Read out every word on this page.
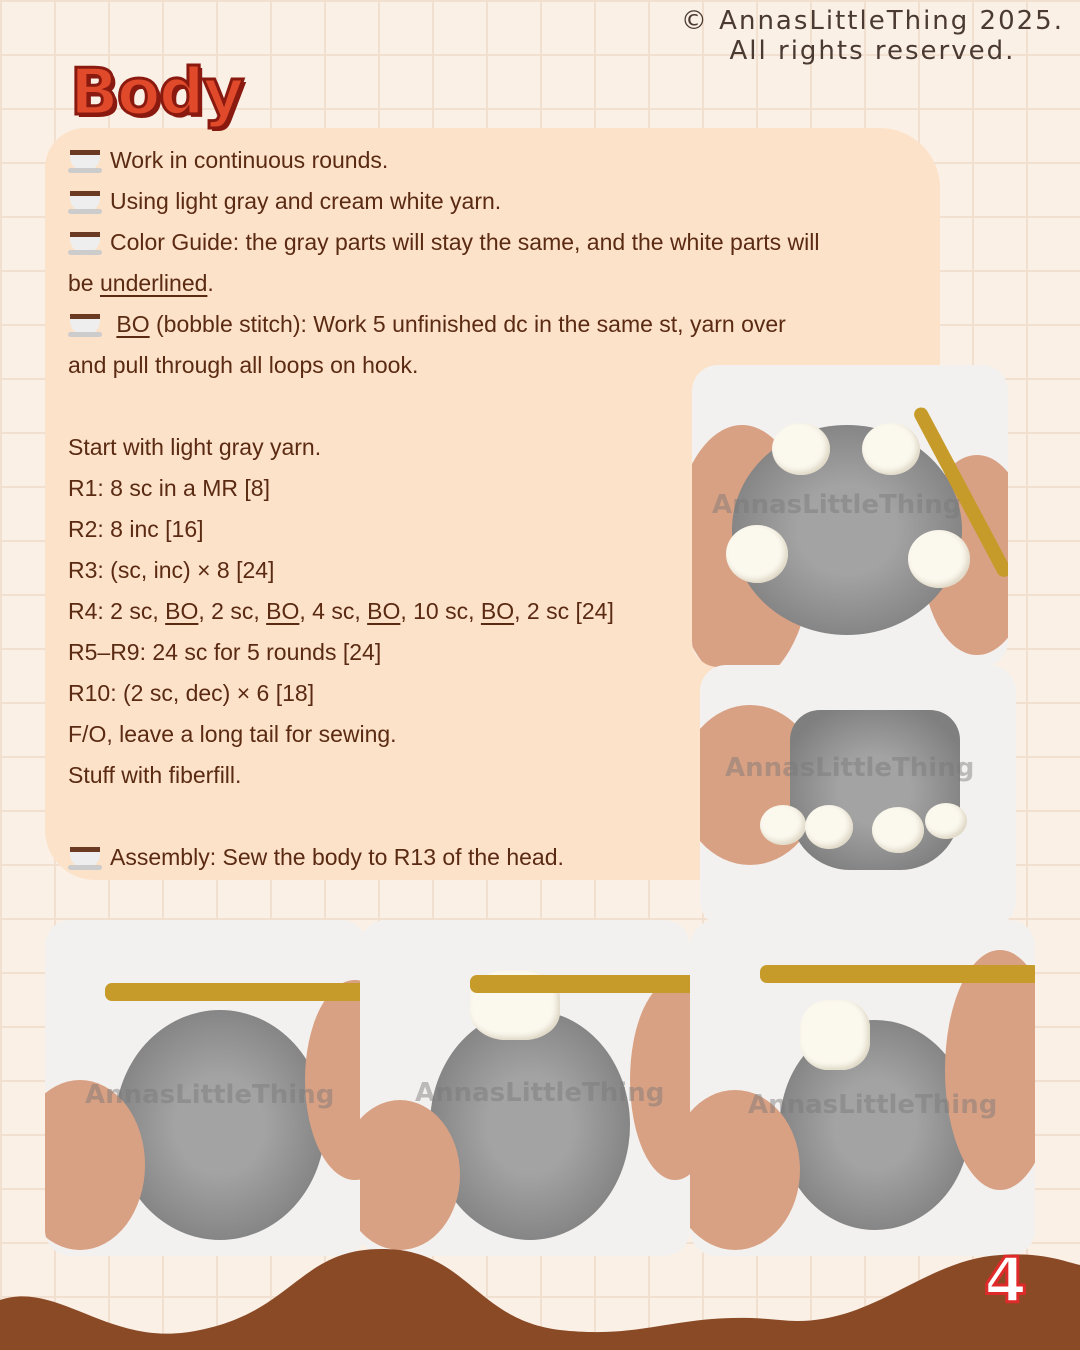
© AnnasLittleThing 2025.
All rights reserved.
Body
Work in continuous rounds.
Using light gray and cream white yarn.
Color Guide: the gray parts will stay the same, and the white parts will
be underlined.
BO (bobble stitch): Work 5 unfinished dc in the same st, yarn over
and pull through all loops on hook.
Start with light gray yarn.
R1: 8 sc in a MR [8]
R2: 8 inc [16]
R3: (sc, inc) × 8 [24]
R4: 2 sc, BO, 2 sc, BO, 4 sc, BO, 10 sc, BO, 2 sc [24]
R5–R9: 24 sc for 5 rounds [24]
R10: (2 sc, dec) × 6 [18]
F/O, leave a long tail for sewing.
Stuff with fiberfill.
Assembly: Sew the body to R13 of the head.
AnnasLittleThing
AnnasLittleThing
AnnasLittleThing	AnnasLittleThing	AnnasLittleThing
4
